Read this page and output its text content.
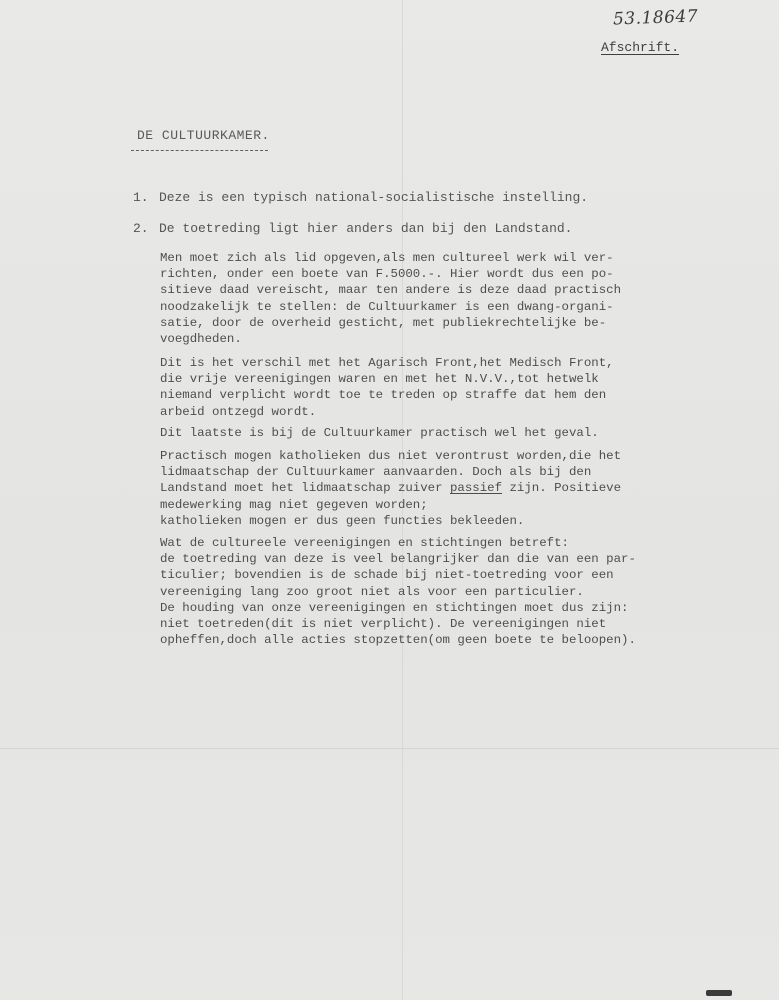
53.18647
Afschrift.
DE CULTUURKAMER.
1. Deze is een typisch national-socialistische instelling.
2. De toetreding ligt hier anders dan bij den Landstand.
Men moet zich als lid opgeven,als men cultureel werk wil ver-
richten, onder een boete van F.5000.-. Hier wordt dus een po-
sitieve daad vereischt, maar ten andere is deze daad practisch
noodzakelijk te stellen: de Cultuurkamer is een dwang-organi-
satie, door de overheid gesticht, met publiekrechtelijke be-
voegdheden.
Dit is het verschil met het Agarisch Front,het Medisch Front,
die vrije vereenigingen waren en met het N.V.V.,tot hetwelk
niemand verplicht wordt toe te treden op straffe dat hem den
arbeid ontzegd wordt.
Dit laatste is bij de Cultuurkamer practisch wel het geval.
Practisch mogen katholieken dus niet verontrust worden,die het
lidmaatschap der Cultuurkamer aanvaarden. Doch als bij den
Landstand moet het lidmaatschap zuiver passief zijn. Positieve
medewerking mag niet gegeven worden;
katholieken mogen er dus geen functies bekleeden.
Wat de cultureele vereenigingen en stichtingen betreft:
de toetreding van deze is veel belangrijker dan die van een par-
ticulier; bovendien is de schade bij niet-toetreding voor een
vereeniging lang zoo groot niet als voor een particulier.
De houding van onze vereenigingen en stichtingen moet dus zijn:
niet toetreden(dit is niet verplicht). De vereenigingen niet
opheffen,doch alle acties stopzetten(om geen boete te beloopen).
